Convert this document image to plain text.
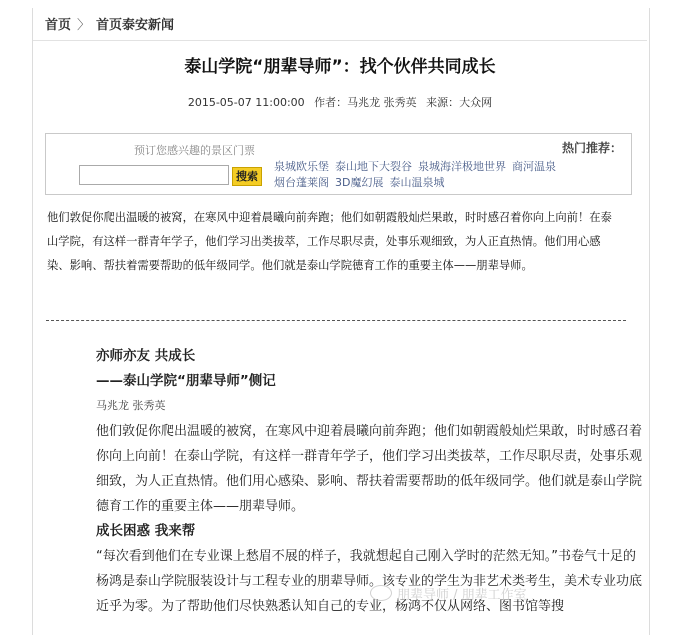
首页 〉 首页泰安新闻
泰山学院“朋辈导师”：找个伙伴共同成长
2015-05-07 11:00:00 作者：马兆龙 张秀英 来源：大众网
预订您感兴趣的景区门票
搜索
热门推荐：
泉城欧乐堡 泰山地下大裂谷 泉城海洋极地世界 商河温泉烟台蓬莱阁 3D魔幻展 泰山温泉城
他们敦促你爬出温暖的被窝，在寒风中迎着晨曦向前奔跑；他们如朝霞般灿烂果敢，时时感召着你向上向前！在泰山学院，有这样一群青年学子，他们学习出类拔萃，工作尽职尽责，处事乐观细致，为人正直热情。他们用心感染、影响、帮扶着需要帮助的低年级同学。他们就是泰山学院德育工作的重要主体——朋辈导师。
亦师亦友 共成长
——泰山学院“朋辈导师”侧记
马兆龙 张秀英
他们敦促你爬出温暖的被窝，在寒风中迎着晨曦向前奔跑；他们如朝霞般灿烂果敢，时时感召着你向上向前！在泰山学院，有这样一群青年学子，他们学习出类拔萃，工作尽职尽责，处事乐观细致，为人正直热情。他们用心感染、影响、帮扶着需要帮助的低年级同学。他们就是泰山学院德育工作的重要主体——朋辈导师。
成长困惑 我来帮
“每次看到他们在专业课上愁眉不展的样子，我就想起自己刚入学时的茫然无知。”书卷气十足的杨鸿是泰山学院服装设计与工程专业的朋辈导师。该专业的学生为非艺术类考生，美术专业功底近乎为零。为了帮助他们尽快熟悉认知自己的专业，杨鸿不仅从网络、图书馆等搜
朋辈导师 / 朋辈工作室
